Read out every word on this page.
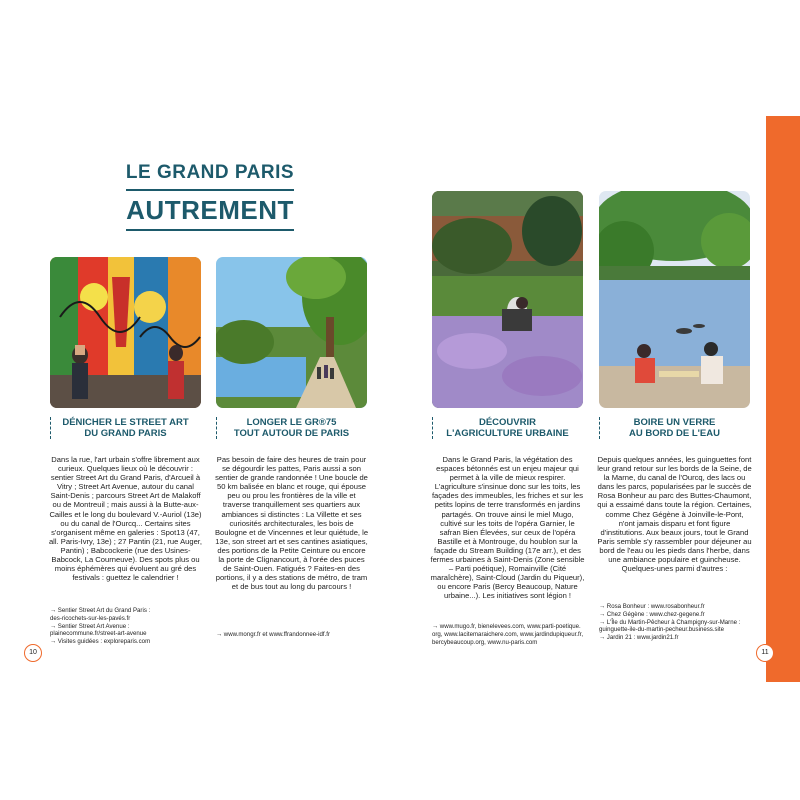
LE GRAND PARIS
AUTREMENT
DÉNICHER LE STREET ART
DU GRAND PARIS
LONGER LE GR®75
TOUT AUTOUR DE PARIS
DÉCOUVRIR
L'AGRICULTURE URBAINE
BOIRE UN VERRE
AU BORD DE L'EAU

Dans la rue, l'art urbain s'offre librement aux curieux. Quelques lieux où le découvrir : sentier Street Art du Grand Paris, d'Arcueil à Vitry ; Street Art Avenue, autour du canal Saint-Denis ; parcours Street Art de Malakoff ou de Montreuil ; mais aussi à la Butte-aux-Cailles et le long du boulevard V.-Auriol (13e) ou du canal de l'Ourcq... Certains sites s'organisent même en galeries : Spot13 (47, all. Paris-Ivry, 13e) ; 27 Pantin (21, rue Auger, Pantin) ; Babcockerie (rue des Usines-Babcock, La Courneuve). Des spots plus ou moins éphémères qui évoluent au gré des festivals : guettez le calendrier !

Pas besoin de faire des heures de train pour se dégourdir les pattes, Paris aussi a son sentier de grande randonnée ! Une boucle de 50 km balisée en blanc et rouge, qui épouse peu ou prou les frontières de la ville et traverse tranquillement ses quartiers aux ambiances si distinctes : La Villette et ses curiosités architecturales, les bois de Boulogne et de Vincennes et leur quiétude, le 13e, son street art et ses cantines asiatiques, des portions de la Petite Ceinture ou encore la porte de Clignancourt, à l'orée des puces de Saint-Ouen. Fatigués ? Faites-en des portions, il y a des stations de métro, de tram et de bus tout au long du parcours !

Dans le Grand Paris, la végétation des espaces bétonnés est un enjeu majeur qui permet à la ville de mieux respirer. L'agriculture s'insinue donc sur les toits, les façades des immeubles, les friches et sur les petits lopins de terre transformés en jardins partagés. On trouve ainsi le miel Mugo, cultivé sur les toits de l'opéra Garnier, le safran Bien Élevées, sur ceux de l'opéra Bastille et à Montrouge, du houblon sur la façade du Stream Building (17e arr.), et des fermes urbaines à Saint-Denis (Zone sensible – Parti poétique), Romainville (Cité maraîchère), Saint-Cloud (Jardin du Piqueur), ou encore Paris (Bercy Beaucoup, Nature urbaine...). Les initiatives sont légion !

Depuis quelques années, les guinguettes font leur grand retour sur les bords de la Seine, de la Marne, du canal de l'Ourcq, des lacs ou dans les parcs, popularisées par le succès de Rosa Bonheur au parc des Buttes-Chaumont, qui a essaimé dans toute la région. Certaines, comme Chez Gégène à Joinville-le-Pont, n'ont jamais disparu et font figure d'institutions. Aux beaux jours, tout le Grand Paris semble s'y rassembler pour déjeuner au bord de l'eau ou les pieds dans l'herbe, dans une ambiance populaire et guincheuse. Quelques-unes parmi d'autres :

→ Sentier Street Art du Grand Paris :
des-ricochets-sur-les-pavés.fr
→ Sentier Street Art Avenue :
plainecommune.fr/street-art-avenue
→ Visites guidées : exploreparis.com
→ www.mongr.fr et www.ffrandonnee-idf.fr
→ www.mugo.fr, bienelevees.com, www.parti-poetique.
org, www.lacitemaraichere.com, www.jardindupiqueur.fr,
bercybeaucoup.org, www.nu-paris.com
→ Rosa Bonheur : www.rosabonheur.fr
→ Chez Gégène : www.chez-gegene.fr
→ L'Île du Martin-Pêcheur à Champigny-sur-Marne :
guinguette-ile-du-martin-pecheur.business.site
→ Jardin 21 : www.jardin21.fr
10	11
